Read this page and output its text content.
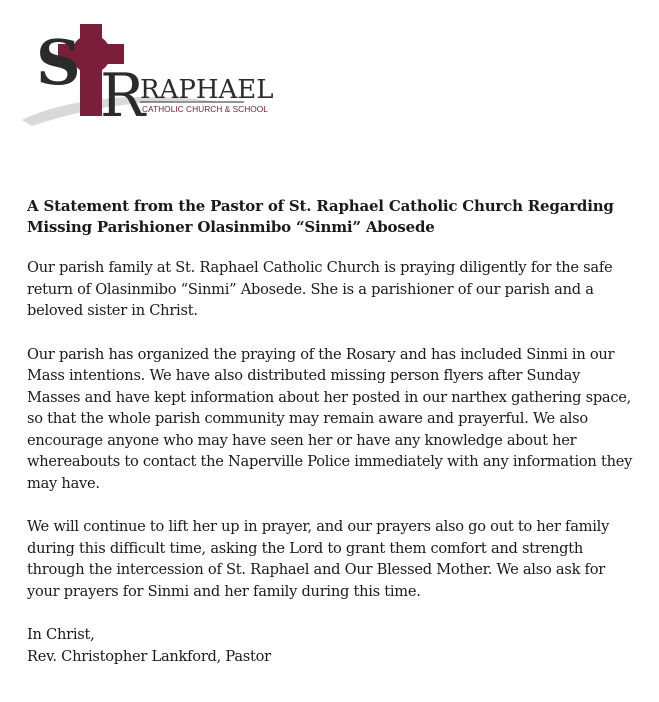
S R
RAPHAEL
CATHOLIC CHURCH & SCHOOL
A Statement from the Pastor of St. Raphael Catholic Church Regarding
Missing Parishioner Olasinmibo “Sinmi” Abosede

Our parish family at St. Raphael Catholic Church is praying diligently for the safe return of Olasinmibo “Sinmi” Abosede. She is a parishioner of our parish and a beloved sister in Christ.

Our parish has organized the praying of the Rosary and has included Sinmi in our Mass intentions. We have also distributed missing person flyers after Sunday Masses and have kept information about her posted in our narthex gathering space, so that the whole parish community may remain aware and prayerful. We also encourage anyone who may have seen her or have any knowledge about her whereabouts to contact the Naperville Police immediately with any information they may have.

We will continue to lift her up in prayer, and our prayers also go out to her family during this difficult time, asking the Lord to grant them comfort and strength through the intercession of St. Raphael and Our Blessed Mother. We also ask for your prayers for Sinmi and her family during this time.

In Christ,
Rev. Christopher Lankford, Pastor
